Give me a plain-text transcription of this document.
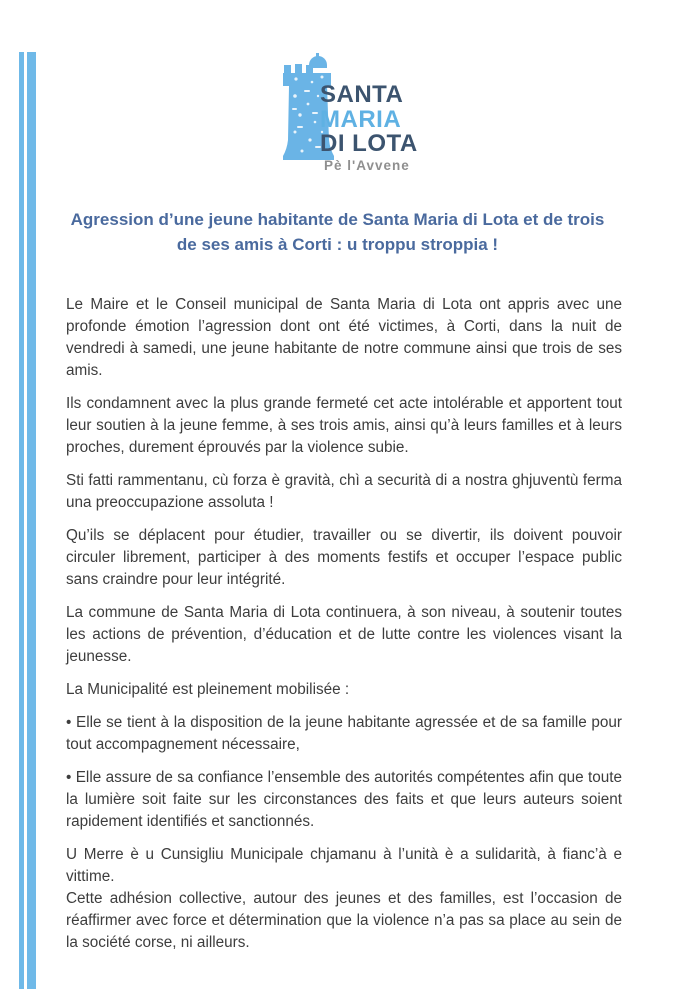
SANTA
MARIA
DI LOTA
Pè l'Avvene
Agression d’une jeune habitante de Santa Maria di Lota et de trois
de ses amis à Corti : u troppu stroppia !

Le Maire et le Conseil municipal de Santa Maria di Lota ont appris avec une profonde émotion l’agression dont ont été victimes, à Corti, dans la nuit de vendredi à samedi, une jeune habitante de notre commune ainsi que trois de ses amis.

Ils condamnent avec la plus grande fermeté cet acte intolérable et apportent tout leur soutien à la jeune femme, à ses trois amis, ainsi qu’à leurs familles et à leurs proches, durement éprouvés par la violence subie.

Sti fatti rammentanu, cù forza è gravità, chì a securità di a nostra ghjuventù ferma una preoccupazione assoluta !

Qu’ils se déplacent pour étudier, travailler ou se divertir, ils doivent pouvoir circuler librement, participer à des moments festifs et occuper l’espace public sans craindre pour leur intégrité.

La commune de Santa Maria di Lota continuera, à son niveau, à soutenir toutes les actions de prévention, d’éducation et de lutte contre les violences visant la jeunesse.

La Municipalité est pleinement mobilisée :

• Elle se tient à la disposition de la jeune habitante agressée et de sa famille pour tout accompagnement nécessaire,

• Elle assure de sa confiance l’ensemble des autorités compétentes afin que toute la lumière soit faite sur les circonstances des faits et que leurs auteurs soient rapidement identifiés et sanctionnés.

U Merre è u Cunsigliu Municipale chjamanu à l’unità è a sulidarità, à fianc’à e vittime.

Cette adhésion collective, autour des jeunes et des familles, est l’occasion de réaffirmer avec force et détermination que la violence n’a pas sa place au sein de la société corse, ni ailleurs.
